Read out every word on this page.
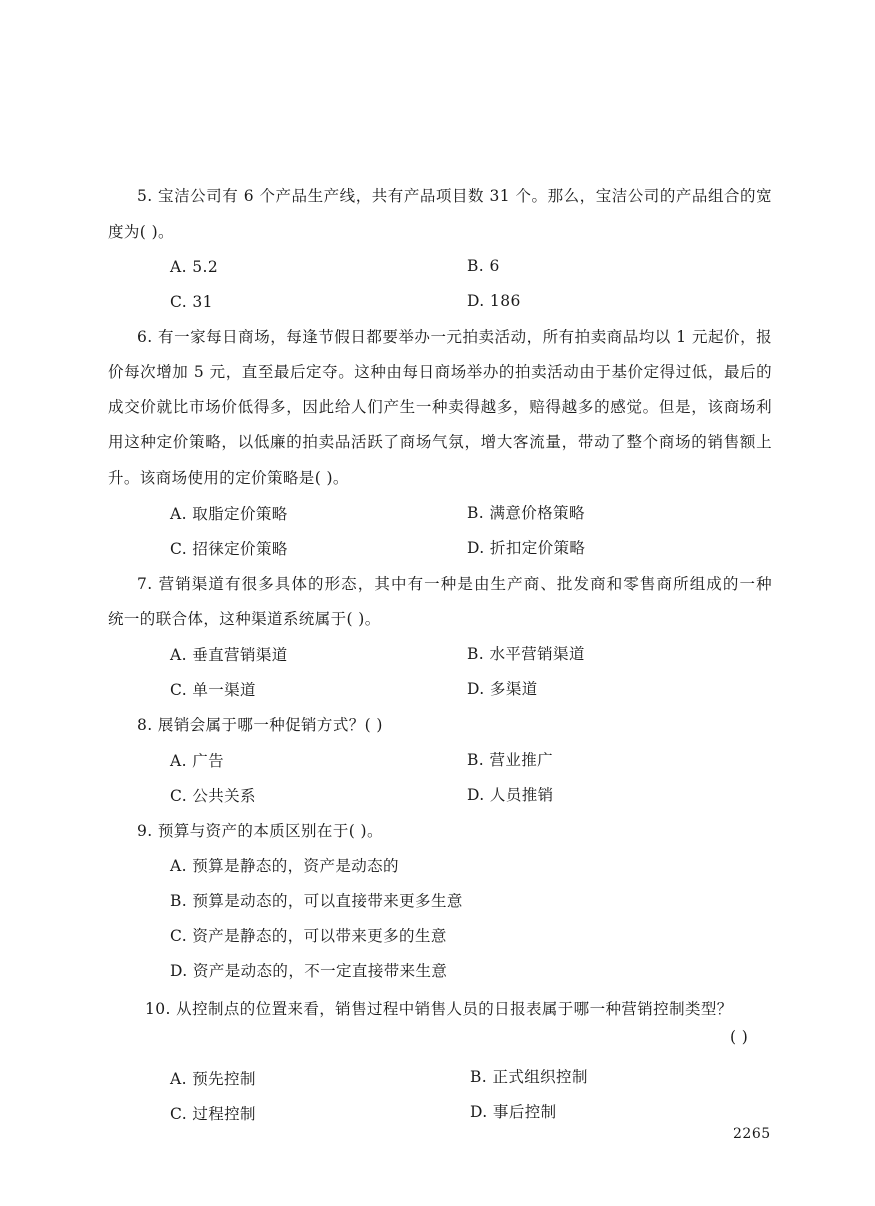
5. 宝洁公司有 6 个产品生产线，共有产品项目数 31 个。那么，宝洁公司的产品组合的宽
度为( )。
A. 5.2	B. 6
C. 31	D. 186
6. 有一家每日商场，每逢节假日都要举办一元拍卖活动，所有拍卖商品均以 1 元起价，报
价每次增加 5 元，直至最后定夺。这种由每日商场举办的拍卖活动由于基价定得过低，最后的
成交价就比市场价低得多，因此给人们产生一种卖得越多，赔得越多的感觉。但是，该商场利
用这种定价策略，以低廉的拍卖品活跃了商场气氛，增大客流量，带动了整个商场的销售额上
升。该商场使用的定价策略是( )。
A. 取脂定价策略	B. 满意价格策略
C. 招徕定价策略	D. 折扣定价策略
7. 营销渠道有很多具体的形态，其中有一种是由生产商、批发商和零售商所组成的一种
统一的联合体，这种渠道系统属于( )。
A. 垂直营销渠道	B. 水平营销渠道
C. 单一渠道	D. 多渠道
8. 展销会属于哪一种促销方式？( )
A. 广告	B. 营业推广
C. 公共关系	D. 人员推销
9. 预算与资产的本质区别在于( )。
A. 预算是静态的，资产是动态的
B. 预算是动态的，可以直接带来更多生意
C. 资产是静态的，可以带来更多的生意
D. 资产是动态的，不一定直接带来生意
10. 从控制点的位置来看，销售过程中销售人员的日报表属于哪一种营销控制类型？
( )
A. 预先控制	B. 正式组织控制
C. 过程控制	D. 事后控制
2265
